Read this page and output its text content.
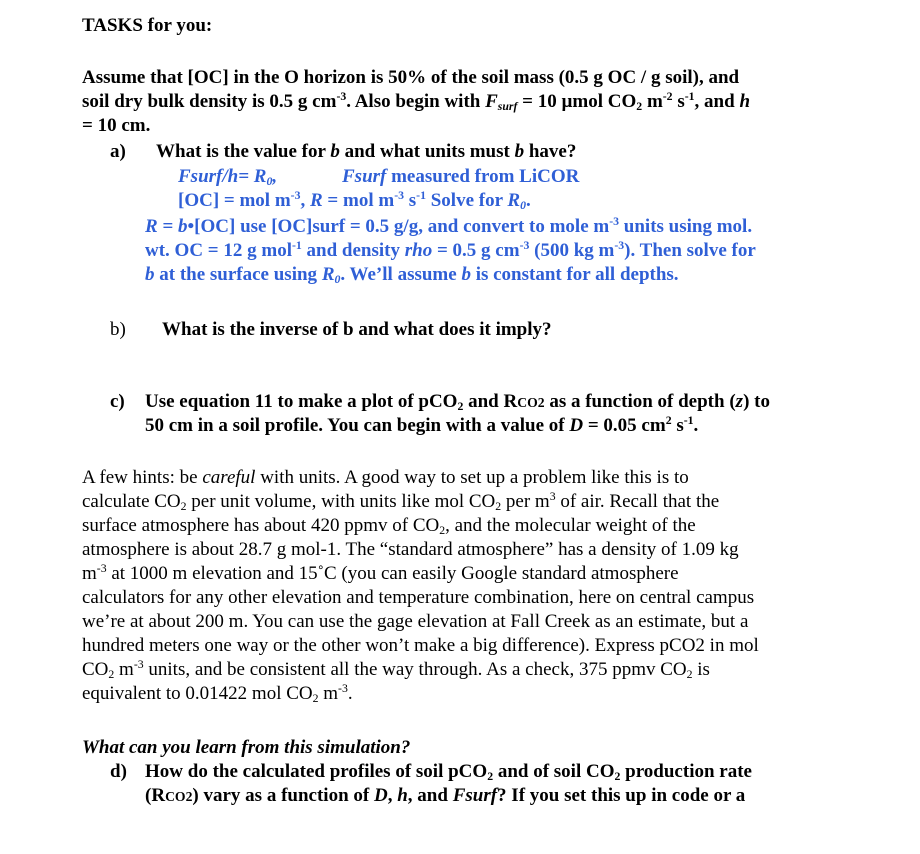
TASKS for you:
Assume that [OC] in the O horizon is 50% of the soil mass (0.5 g OC / g soil), and
soil dry bulk density is 0.5 g $cm^{-3}$. Also begin with $F_{surf} = 10$ µmol $CO_2$ $m^{-2}$ $s^{-1}$, and h
= 10 cm.
a) What is the value for b and what units must b have?
Fsurf/h= $R_0$,	Fsurf measured from LiCOR
[OC] = mol $m^{-3}$, R = mol $m^{-3}$ $s^{-1}$ Solve for $R_0$.
R = b•[OC] use [OC]surf = 0.5 g/g, and convert to mole $m^{-3}$ units using mol.
wt. OC = 12 g mol$^{-1}$ and density rho = 0.5 g $cm^{-3}$ (500 kg $m^{-3}$). Then solve for
b at the surface using $R_0$. We’ll assume b is constant for all depths.
b) What is the inverse of b and what does it imply?
c) Use equation 11 to make a plot of pCO$_2$ and RCO2 as a function of depth (z) to
50 cm in a soil profile. You can begin with a value of D = 0.05 $cm^2$ $s^{-1}$.
A few hints: be careful with units. A good way to set up a problem like this is to
calculate $CO_2$ per unit volume, with units like mol $CO_2$ per $m^3$ of air. Recall that the
surface atmosphere has about 420 ppmv of $CO_2$, and the molecular weight of the
atmosphere is about 28.7 g mol-1. The “standard atmosphere” has a density of 1.09 kg
$m^{-3}$ at 1000 m elevation and 15˚C (you can easily Google standard atmosphere
calculators for any other elevation and temperature combination, here on central campus
we’re at about 200 m. You can use the gage elevation at Fall Creek as an estimate, but a
hundred meters one way or the other won’t make a big difference). Express pCO2 in mol
$CO_2$ $m^{-3}$ units, and be consistent all the way through. As a check, 375 ppmv $CO_2$ is
equivalent to 0.01422 mol $CO_2$ $m^{-3}$.
What can you learn from this simulation?
d) How do the calculated profiles of soil pCO$_2$ and of soil $CO_2$ production rate
(RCO2) vary as a function of D, h, and Fsurf? If you set this up in code or a
